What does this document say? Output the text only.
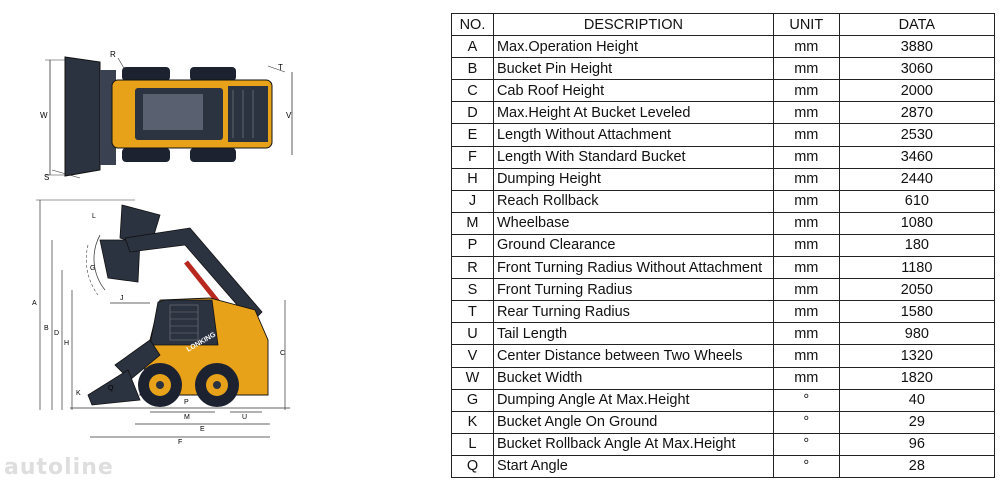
R
T
W	V
S
LONKING
A
B
D
H
C
L
G
J
K
Q
P
M	U
E
F
autoline
NO.	DESCRIPTION	UNIT	DATA
A	Max.Operation Height	mm	3880
B	Bucket Pin Height	mm	3060
C	Cab Roof Height	mm	2000
D	Max.Height At Bucket Leveled	mm	2870
E	Length Without Attachment	mm	2530
F	Length With Standard Bucket	mm	3460
H	Dumping Height	mm	2440
J	Reach Rollback	mm	610
M	Wheelbase	mm	1080
P	Ground Clearance	mm	180
R	Front Turning Radius Without Attachment	mm	1180
S	Front Turning Radius	mm	2050
T	Rear Turning Radius	mm	1580
U	Tail Length	mm	980
V	Center Distance between Two Wheels	mm	1320
W	Bucket Width	mm	1820
G	Dumping Angle At Max.Height	°	40
K	Bucket Angle On Ground	°	29
L	Bucket Rollback Angle At Max.Height	°	96
Q	Start Angle	°	28
